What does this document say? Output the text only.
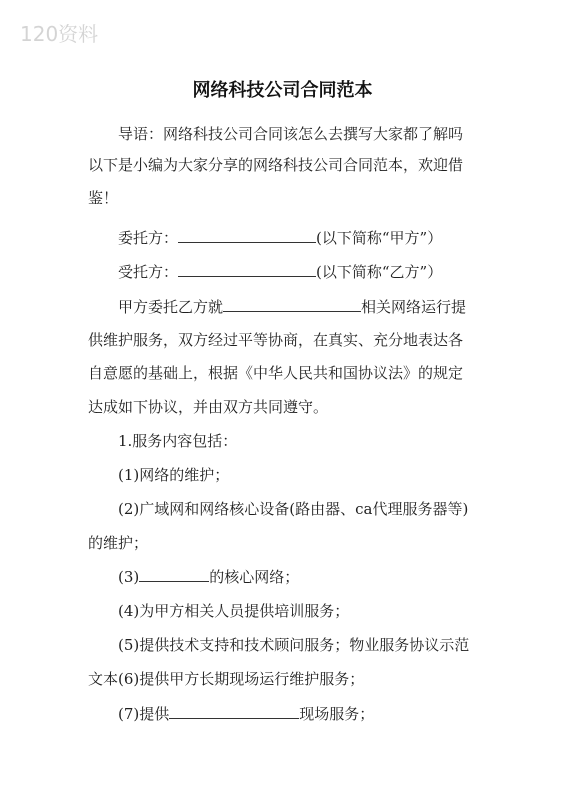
120资料
网络科技公司合同范本
导语：网络科技公司合同该怎么去撰写大家都了解吗
以下是小编为大家分享的网络科技公司合同范本，欢迎借
鉴！
委托方：	(以下简称“甲方”）
受托方：	(以下简称“乙方”）
甲方委托乙方就	相关网络运行提
供维护服务，双方经过平等协商，在真实、充分地表达各
自意愿的基础上，根据《中华人民共和国协议法》的规定
达成如下协议，并由双方共同遵守。
1.服务内容包括：
(1)网络的维护；
(2)广域网和网络核心设备(路由器、ca代理服务器等)
的维护；
(3)	的核心网络；
(4)为甲方相关人员提供培训服务；
(5)提供技术支持和技术顾问服务；物业服务协议示范
文本(6)提供甲方长期现场运行维护服务；
(7)提供	现场服务；
